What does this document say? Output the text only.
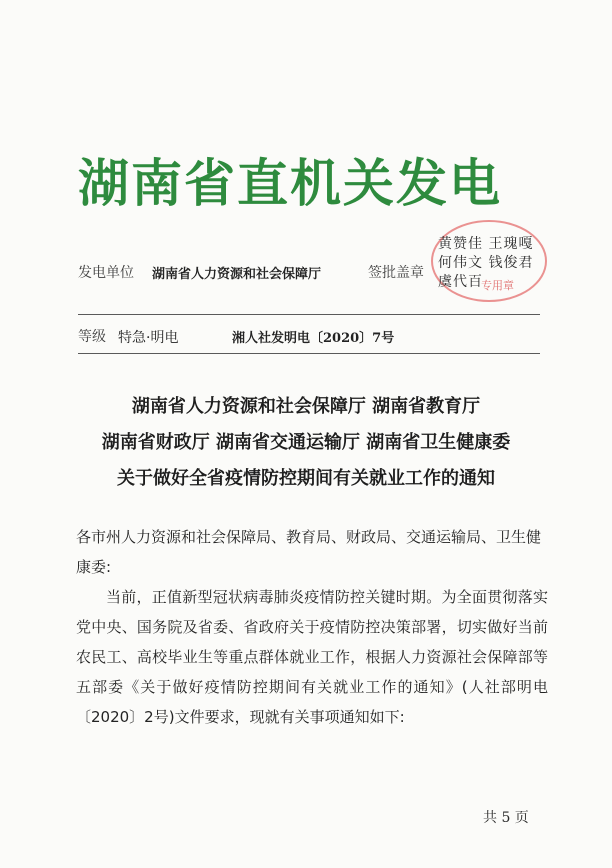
湖南省直机关发电
发电单位 湖南省人力资源和社会保障厅	签批盖章
专用章
黄赞佳 王瑰嘎
何伟文 钱俊君
虞代百
等级 特急·明电	湘人社发明电〔2020〕7号
湖南省人力资源和社会保障厅 湖南省教育厅
湖南省财政厅 湖南省交通运输厅 湖南省卫生健康委
关于做好全省疫情防控期间有关就业工作的通知

各市州人力资源和社会保障局、教育局、财政局、交通运输局、卫生健康委:

当前，正值新型冠状病毒肺炎疫情防控关键时期。为全面贯彻落实党中央、国务院及省委、省政府关于疫情防控决策部署，切实做好当前农民工、高校毕业生等重点群体就业工作，根据人力资源社会保障部等五部委《关于做好疫情防控期间有关就业工作的通知》(人社部明电〔2020〕2号)文件要求，现就有关事项通知如下:

共 5 页
